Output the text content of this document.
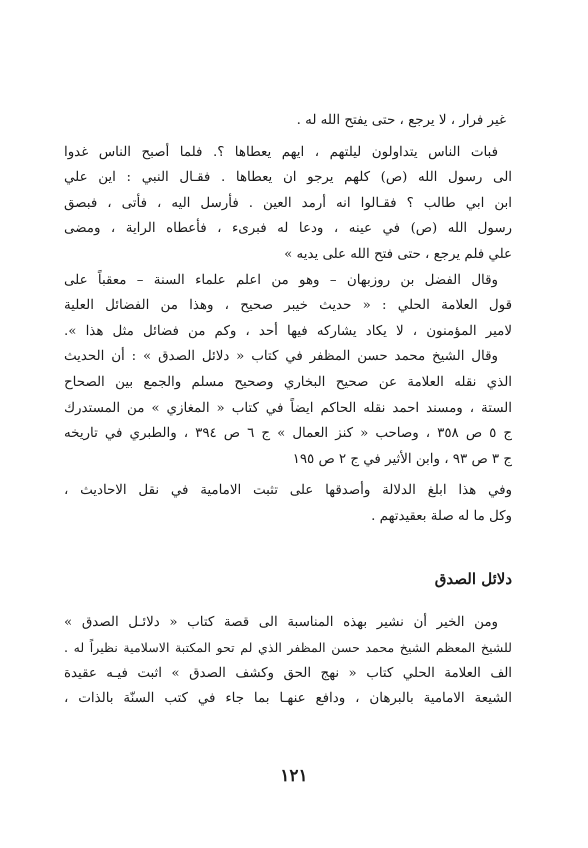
غير فرار ، لا يرجع ، حتى يفتح الله له .
فبات الناس يتداولون ليلتهم ، ايهم يعطاها ؟. فلما أصبح الناس غدوا
الى رسول الله (ص) كلهم يرجو ان يعطاها . فقـال النبي : اين علي
ابن ابي طالب ؟ فقـالوا انه أرمد العين . فأرسل اليه ، فأتى ، فبصق
رسول الله (ص) في عينه ، ودعا له فبرىء ، فأعطاه الراية ، ومضى
علي فلم يرجع ، حتى فتح الله على يديه »
وقال الفضل بن روزبهان – وهو من اعلم علماء السنة – معقباً على
قول العلامة الحلي : « حديث خيبر صحيح ، وهذا من الفضائل العلية
لامير المؤمنون ، لا يكاد يشاركه فيها أحد ، وكم من فضائل مثل هذا ».
وقال الشيخ محمد حسن المظفر في كتاب « دلائل الصدق » : أن الحديث
الذي نقله العلامة عن صحيح البخاري وصحيح مسلم والجمع بين الصحاح
الستة ، ومسند احمد نقله الحاكم ايضاً في كتاب « المغازي » من المستدرك
ج ٥ ص ٣٥٨ ، وصاحب « كنز العمال » ج ٦ ص ٣٩٤ ، والطبري في تاريخه
ج ٣ ص ٩٣ ، وابن الأثير في ج ٢ ص ١٩٥
وفي هذا ابلغ الدلالة وأصدقها على تثبت الامامية في نقل الاحاديث ،
وكل ما له صلة بعقيدتهم .
دلائل الصدق
ومن الخير أن نشير بهذه المناسبة الى قصة كتاب « دلائـل الصدق »
للشيخ المعظم الشيخ محمد حسن المظفر الذي لم تحو المكتبة الاسلامية نظيراً له .
الف العلامة الحلي كتاب « نهج الحق وكشف الصدق » اثبت فيـه عقيدة
الشيعة الامامية بالبرهان ، ودافع عنهـا بما جاء في كتب السنّة بالذات ،
١٢١
